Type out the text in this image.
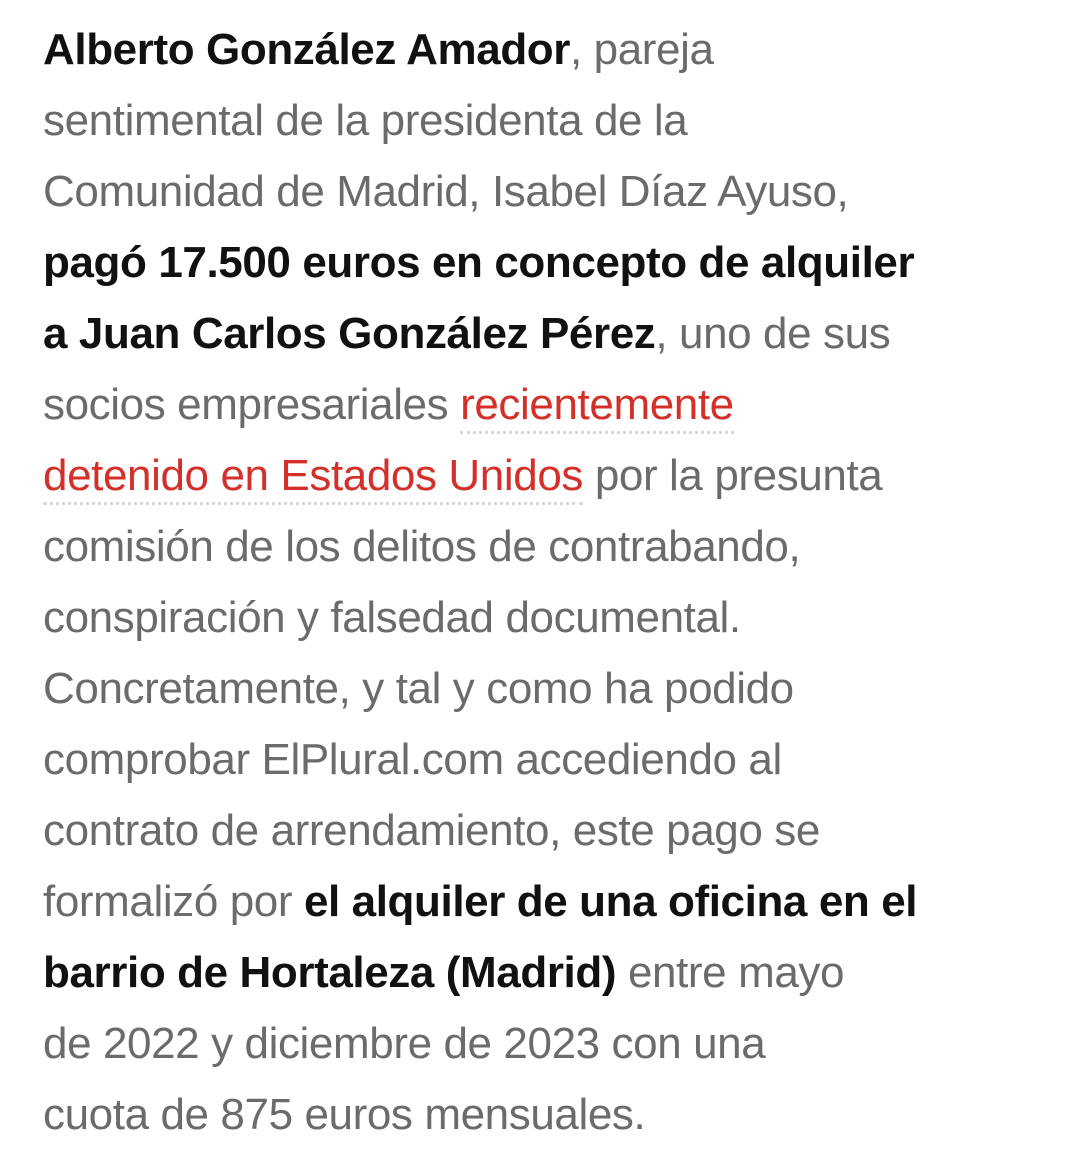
Alberto González Amador, pareja
sentimental de la presidenta de la
Comunidad de Madrid, Isabel Díaz Ayuso,
pagó 17.500 euros en concepto de alquiler
a Juan Carlos González Pérez, uno de sus
socios empresariales recientemente
detenido en Estados Unidos por la presunta
comisión de los delitos de contrabando,
conspiración y falsedad documental.
Concretamente, y tal y como ha podido
comprobar ElPlural.com accediendo al
contrato de arrendamiento, este pago se
formalizó por el alquiler de una oficina en el
barrio de Hortaleza (Madrid) entre mayo
de 2022 y diciembre de 2023 con una
cuota de 875 euros mensuales.
